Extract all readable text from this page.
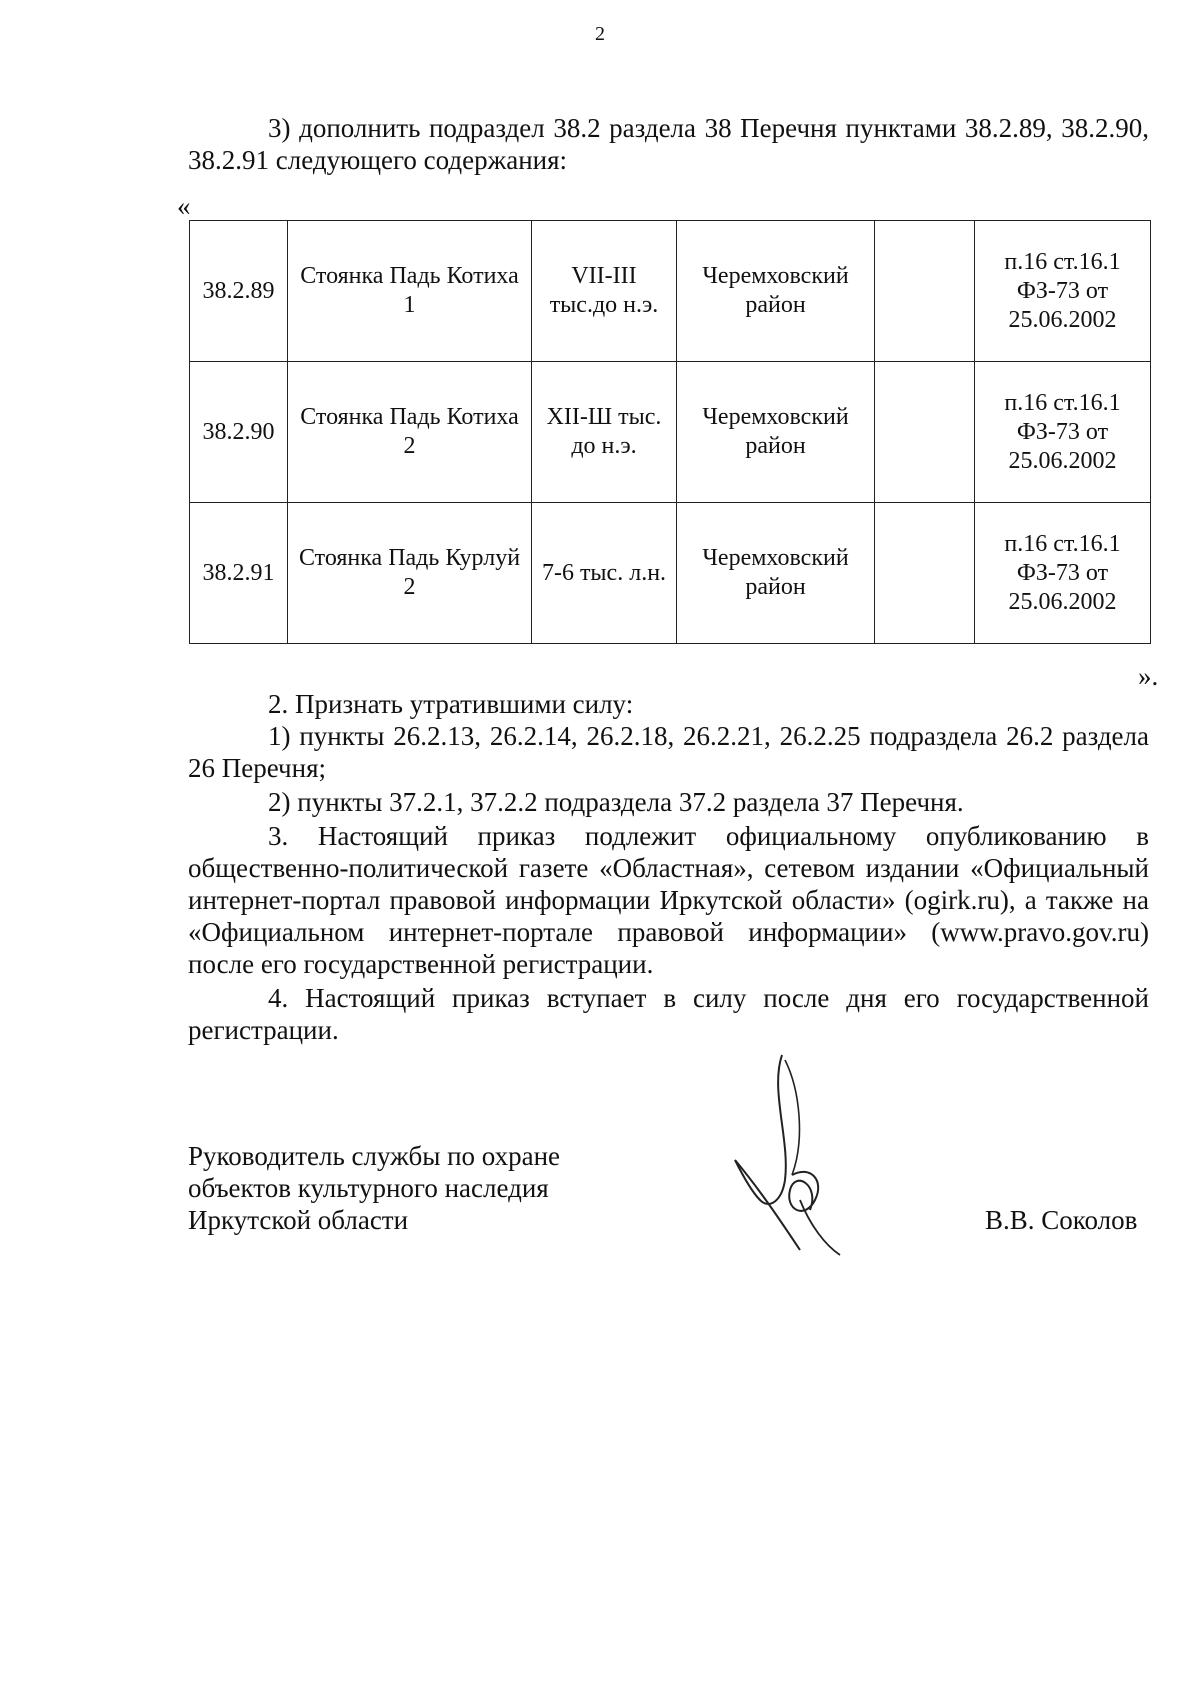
2

3) дополнить подраздел 38.2 раздела 38 Перечня пунктами 38.2.89, 38.2.90, 38.2.91 следующего содержания:

«
38.2.89	Стоянка Падь Котиха 1	VII-III тыс.до н.э.	Черемховский район		п.16 ст.16.1 ФЗ-73 от 25.06.2002
38.2.90	Стоянка Падь Котиха 2	XII-Ш тыс. до н.э.	Черемховский район		п.16 ст.16.1 ФЗ-73 от 25.06.2002
38.2.91	Стоянка Падь Курлуй 2	7-6 тыс. л.н.	Черемховский район		п.16 ст.16.1 ФЗ-73 от 25.06.2002
».

2. Признать утратившими силу:

1) пункты 26.2.13, 26.2.14, 26.2.18, 26.2.21, 26.2.25 подраздела 26.2 раздела 26 Перечня;

2) пункты 37.2.1, 37.2.2 подраздела 37.2 раздела 37 Перечня.

3. Настоящий приказ подлежит официальному опубликованию в общественно-политической газете «Областная», сетевом издании «Официальный интернет-портал правовой информации Иркутской области» (ogirk.ru), а также на «Официальном интернет-портале правовой информации» (www.pravo.gov.ru) после его государственной регистрации.

4. Настоящий приказ вступает в силу после дня его государственной регистрации.

Руководитель службы по охране
объектов культурного наследия
Иркутской области	В.В. Соколов
